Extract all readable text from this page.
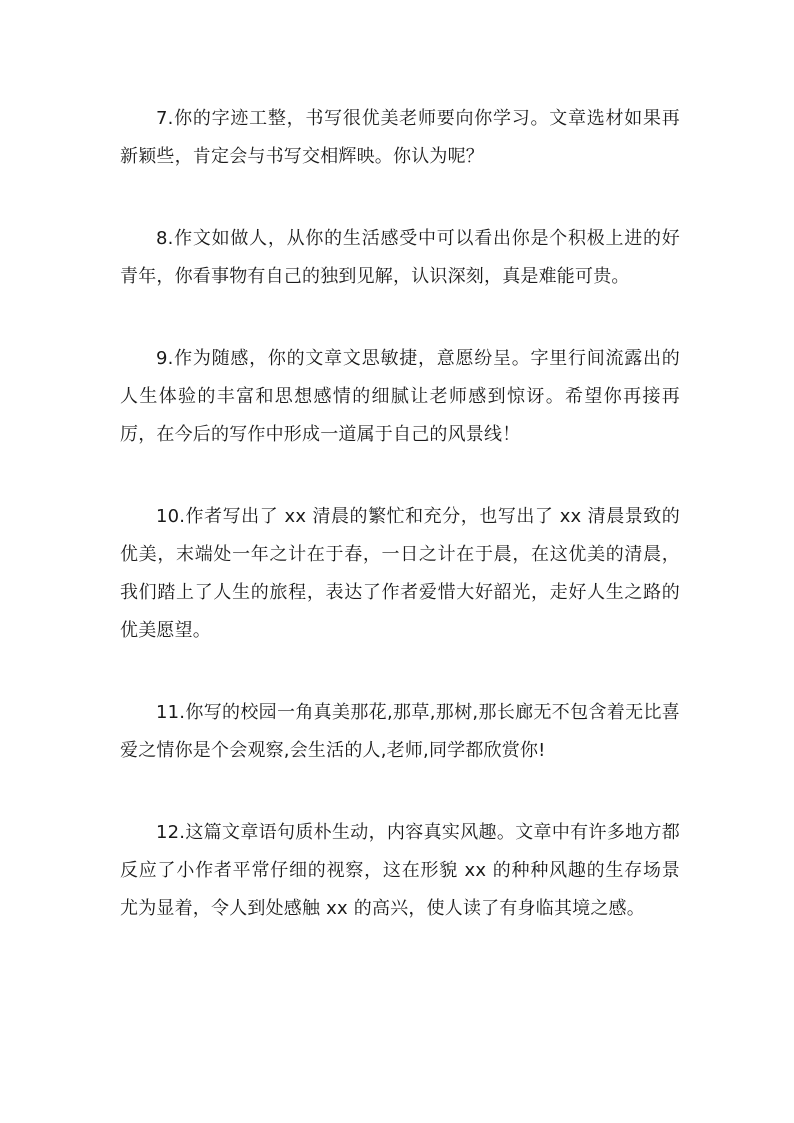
7.你的字迹工整，书写很优美老师要向你学习。文章选材如果再新颖些，肯定会与书写交相辉映。你认为呢？

8.作文如做人，从你的生活感受中可以看出你是个积极上进的好青年，你看事物有自己的独到见解，认识深刻，真是难能可贵。

9.作为随感，你的文章文思敏捷，意愿纷呈。字里行间流露出的人生体验的丰富和思想感情的细腻让老师感到惊讶。希望你再接再厉，在今后的写作中形成一道属于自己的风景线！

10.作者写出了 xx 清晨的繁忙和充分，也写出了 xx 清晨景致的优美，末端处一年之计在于春，一日之计在于晨，在这优美的清晨，我们踏上了人生的旅程，表达了作者爱惜大好韶光，走好人生之路的优美愿望。

11.你写的校园一角真美那花,那草,那树,那长廊无不包含着无比喜爱之情你是个会观察,会生活的人,老师,同学都欣赏你!

12.这篇文章语句质朴生动，内容真实风趣。文章中有许多地方都反应了小作者平常仔细的视察，这在形貌 xx 的种种风趣的生存场景尤为显着，令人到处感触 xx 的高兴，使人读了有身临其境之感。
